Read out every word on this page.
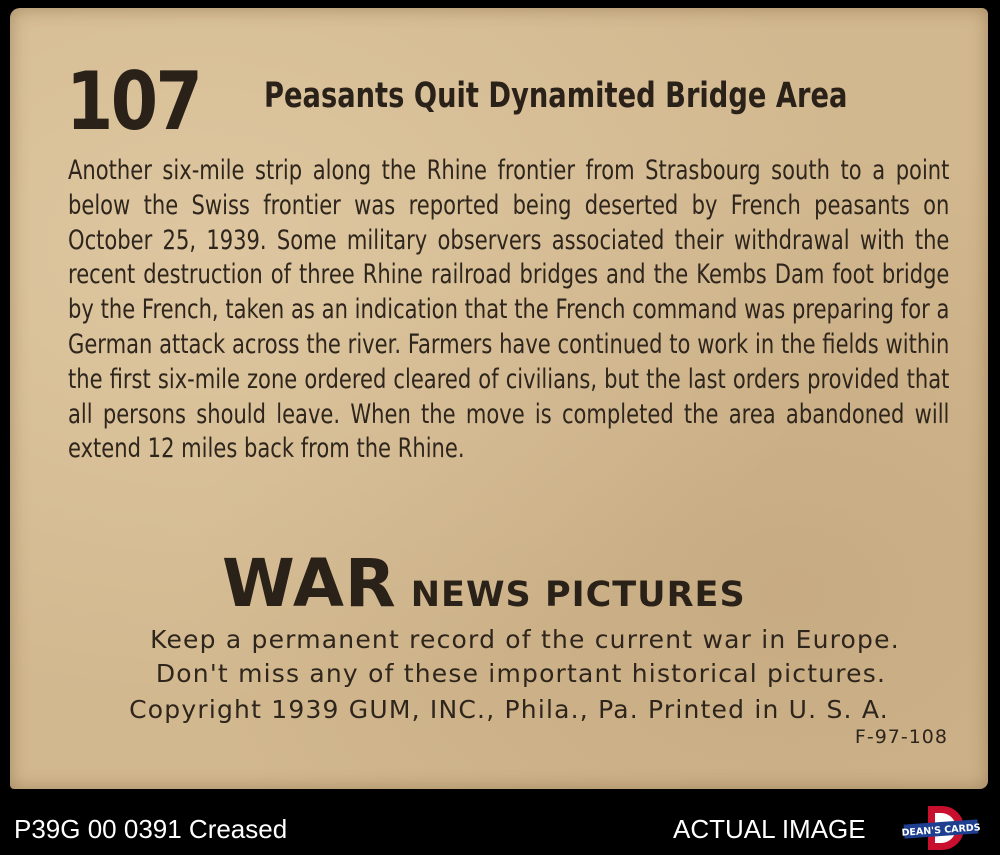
107 Peasants Quit Dynamited Bridge Area

Another six-mile strip along the Rhine frontier from Strasbourg south to a point below the Swiss frontier was reported being deserted by French peasants on October 25, 1939. Some military observers associated their withdrawal with the recent destruction of three Rhine railroad bridges and the Kembs Dam foot bridge by the French, taken as an indication that the French command was preparing for a German attack across the river. Farmers have continued to work in the fields within the first six-mile zone ordered cleared of civilians, but the last orders provided that all persons should leave. When the move is completed the area abandoned will extend 12 miles back from the Rhine.

WAR NEWS PICTURES
Keep a permanent record of the current war in Europe.
Don't miss any of these important historical pictures.
Copyright 1939 GUM, INC., Phila., Pa. Printed in U. S. A.
F-97-108
P39G 00 0391 Creased	ACTUAL IMAGE	DEAN'S CARDS
